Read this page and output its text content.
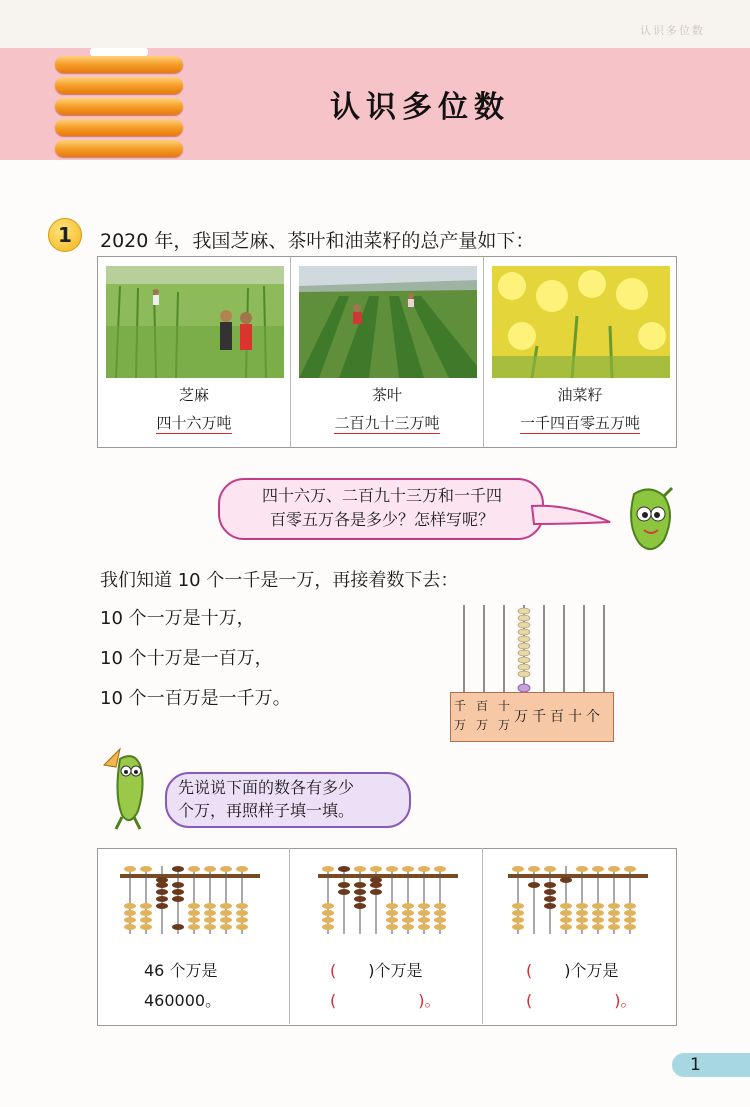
认识多位数
认识多位数
1	2020 年，我国芝麻、茶叶和油菜籽的总产量如下：
芝麻
四十六万吨
茶叶
二百九十三万吨
油菜籽
一千四百零五万吨
四十六万、二百九十三万和一千四
百零五万各是多少？怎样写呢？
我们知道 10 个一千是一万，再接着数下去：
10 个一万是十万，
10 个十万是一百万，
10 个一百万是一千万。	千 百 十
万 万 万 万 千 百 十 个
先说说下面的数各有多少
个万，再照样子填一填。
46 个万是
460000。
( )个万是
(	)。
( )个万是
(	)。
1
